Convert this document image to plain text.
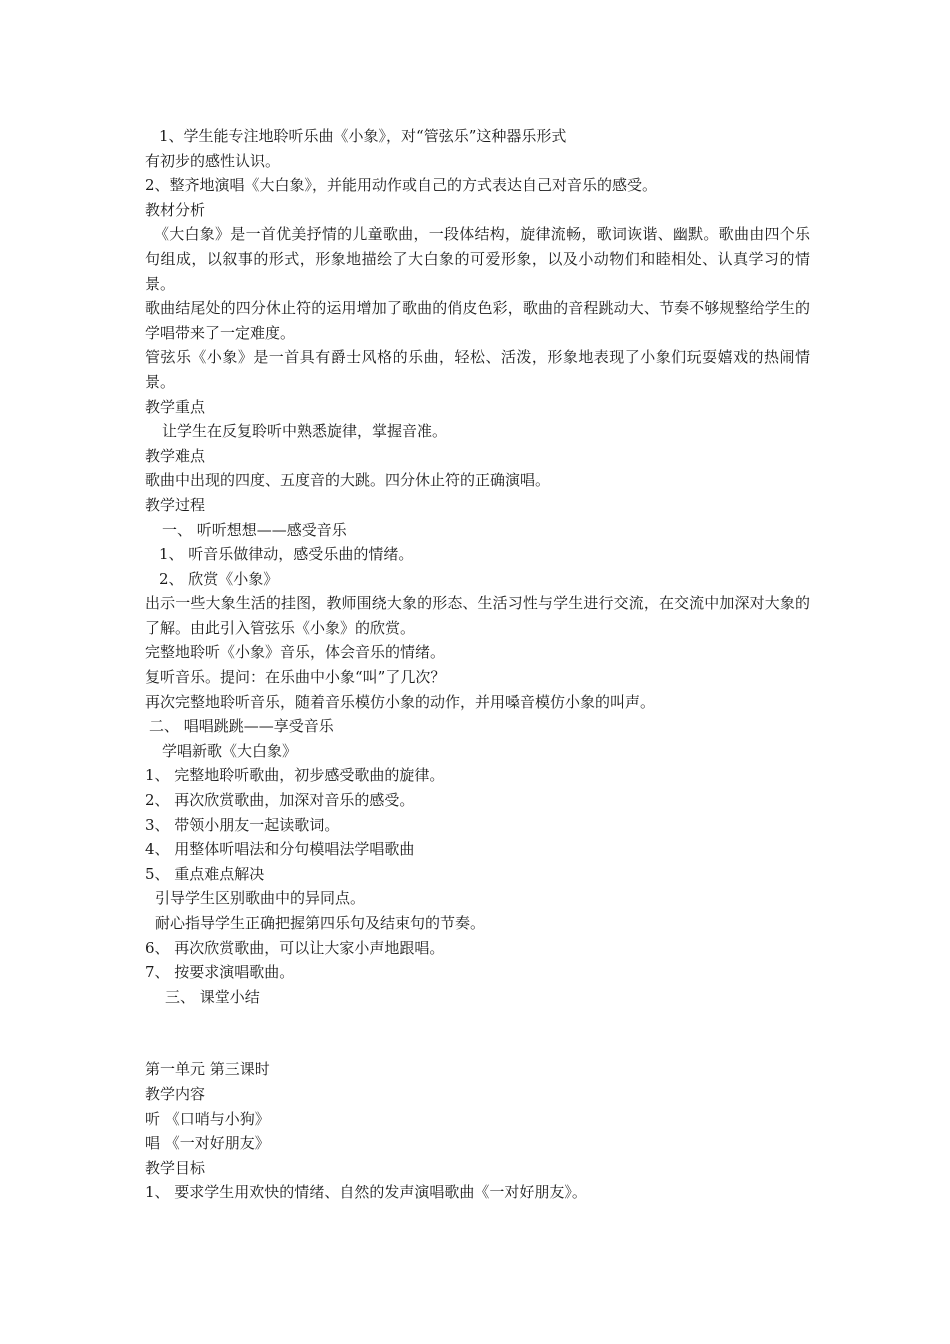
1、学生能专注地聆听乐曲《小象》，对“管弦乐”这种器乐形式

有初步的感性认识。

2、整齐地演唱《大白象》，并能用动作或自己的方式表达自己对音乐的感受。

教材分析

《大白象》是一首优美抒情的儿童歌曲，一段体结构，旋律流畅，歌词诙谐、幽默。歌曲由四个乐句组成，以叙事的形式，形象地描绘了大白象的可爱形象，以及小动物们和睦相处、认真学习的情景。

歌曲结尾处的四分休止符的运用增加了歌曲的俏皮色彩，歌曲的音程跳动大、节奏不够规整给学生的学唱带来了一定难度。

管弦乐《小象》是一首具有爵士风格的乐曲，轻松、活泼，形象地表现了小象们玩耍嬉戏的热闹情景。

教学重点

让学生在反复聆听中熟悉旋律，掌握音准。

教学难点

歌曲中出现的四度、五度音的大跳。四分休止符的正确演唱。

教学过程

一、 听听想想——感受音乐

1、 听音乐做律动，感受乐曲的情绪。

2、 欣赏《小象》

出示一些大象生活的挂图，教师围绕大象的形态、生活习性与学生进行交流，在交流中加深对大象的了解。由此引入管弦乐《小象》的欣赏。

完整地聆听《小象》音乐，体会音乐的情绪。

复听音乐。提问：在乐曲中小象“叫”了几次？

再次完整地聆听音乐，随着音乐模仿小象的动作，并用嗓音模仿小象的叫声。

二、 唱唱跳跳——享受音乐

学唱新歌《大白象》

1、 完整地聆听歌曲，初步感受歌曲的旋律。

2、 再次欣赏歌曲，加深对音乐的感受。

3、 带领小朋友一起读歌词。

4、 用整体听唱法和分句模唱法学唱歌曲

5、 重点难点解决

引导学生区别歌曲中的异同点。

耐心指导学生正确把握第四乐句及结束句的节奏。

6、 再次欣赏歌曲，可以让大家小声地跟唱。

7、 按要求演唱歌曲。

三、 课堂小结

第一单元 第三课时

教学内容

听 《口哨与小狗》

唱 《一对好朋友》

教学目标

1、 要求学生用欢快的情绪、自然的发声演唱歌曲《一对好朋友》。
